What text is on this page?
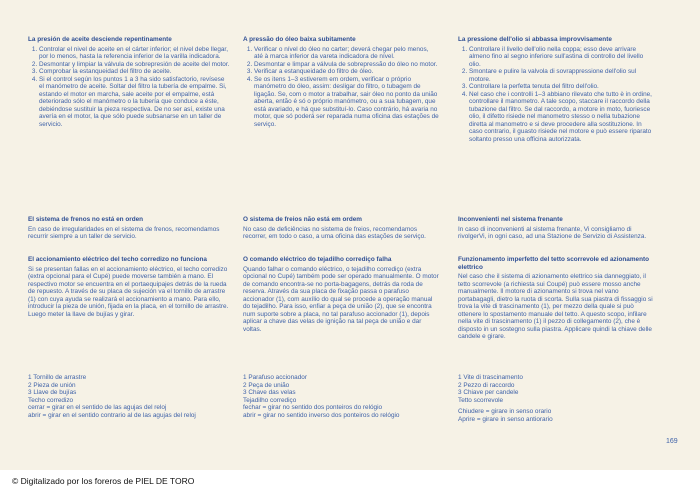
La presión de aceite desciende repentinamente
1. Controlar el nivel de aceite en el cárter inferior; el nivel debe llegar, por lo menos, hasta la referencia inferior de la varilla indicadora.
2. Desmontar y limpiar la válvula de sobrepresión de aceite del motor.
3. Comprobar la estanqueidad del filtro de aceite.
4. Si el control según los puntos 1 a 3 ha sido satisfactorio, revísese el manómetro de aceite. Soltar del filtro la tubería de empalme. Si, estando el motor en marcha, sale aceite por el empalme, está deteriorado sólo el manómetro o la tubería que conduce a éste, debiéndose sustituir la pieza respectiva. De no ser así, existe una avería en el motor, la que sólo puede subsanarse en un taller de servicio.
El sistema de frenos no está en orden

En caso de irregularidades en el sistema de frenos, recomendamos recurrir siempre a un taller de servicio.

El accionamiento eléctrico del techo corredizo no funciona

Si se presentan fallas en el accionamiento eléctrico, el techo corredizo (extra opcional para el Cupé) puede moverse también a mano. El respectivo motor se encuentra en el portaequipajes detrás de la rueda de repuesto. A través de su placa de sujeción va el tornillo de arrastre (1) con cuya ayuda se realizará el accionamiento a mano. Para ello, introducir la pieza de unión, fijada en la placa, en el tornillo de arrastre. Luego meter la llave de bujías y girar.

1 Tornillo de arrastre
2 Pieza de unión
3 Llave de bujías
Techo corredizo
cerrar = girar en el sentido de las agujas del reloj
abrir = girar en el sentido contrario al de las agujas del reloj
A pressão do óleo baixa subitamente
1. Verificar o nível do óleo no carter; deverá chegar pelo menos, até à marca inferior da vareta indicadora de nível.
2. Desmontar e limpar a válvula de sobrepressão do óleo no motor.
3. Verificar a estanqueidade do filtro de óleo.
4. Se os itens 1–3 estiverem em ordem, verificar o próprio manómetro do óleo, assim: desligar do filtro, o tubagem de ligação. Se, com o motor a trabalhar, sair óleo no ponto da união aberta, então é só o próprio manómetro, ou a sua tubagem, que está avariado, e há que substituí-lo. Caso contrário, há avaria no motor, que só poderá ser reparada numa oficina das estações de serviço.
O sistema de freios não está em ordem

No caso de deficiências no sistema de freios, recomendamos recorrer, em todo o caso, a uma oficina das estações de serviço.

O comando eléctrico do tejadilho corrediço falha

Quando falhar o comando eléctrico, o tejadilho corrediço (extra opcional no Cupé) também pode ser operado manualmente. O motor de comando encontra-se no porta-bagagens, detrás da roda de reserva. Através da sua placa de fixação passa o parafuso accionador (1), com auxílio do qual se procede a operação manual do tejadilho. Para isso, enfiar a peça de união (2), que se encontra num suporte sobre a placa, no tal parafuso accionador (1), depois aplicar a chave das velas de ignição na tal peça de união e dar voltas.

1 Parafuso accionador
2 Peça de união
3 Chave das velas
Tejadilho corrediço
fechar = girar no sentido dos ponteiros do relógio
abrir = girar no sentido inverso dos ponteiros do relógio
La pressione dell'olio si abbassa improvvisamente
1. Controllare il livello dell'olio nella coppa; esso deve arrivare almeno fino al segno inferiore sull'astina di controllo del livello olio.
2. Smontare e pulire la valvola di sovrappressione dell'olio sul motore.
3. Controllare la perfetta tenuta del filtro dell'olio.
4. Nel caso che i controlli 1–3 abbiano rilevato che tutto è in ordine, controllare il manometro. A tale scopo, staccare il raccordo della tubazione dal filtro. Se dal raccordo, a motore in moto, fuoriesce olio, il difetto risiede nel manometro stesso o nella tubazione diretta al manometro e si deve procedere alla sostituzione. In caso contrario, il guasto risiede nel motore e può essere riparato soltanto presso una officina autorizzata.
Inconvenienti nel sistema frenante

In caso di inconvenienti al sistema frenante, Vi consigliamo di rivolgerVi, in ogni caso, ad una Stazione de Servizio di Assistenza.

Funzionamento imperfetto del tetto scorrevole ed azionamento elettrico

Nel caso che il sistema di azionamento elettrico sia danneggiato, il tetto scorrevole (a richiesta sui Coupé) può essere mosso anche manualmente. Il motore di azionamento si trova nel vano portabagagli, dietro la ruota di scorta. Sulla sua piastra di fissaggio si trova la vite di trascinamento (1), per mezzo della quale si può ottenere lo spostamento manuale del tetto. A questo scopo, infilare nella vite di trascinamento (1) il pezzo di collegamento (2), che è disposto in un sostegno sulla piastra. Applicare quindi la chiave delle candele e girare.

1 Vite di trascinamento
2 Pezzo di raccordo
3 Chiave per candele
Tetto scorrevole
Chiudere = girare in senso orario
Aprire = girare in senso antiorario
169
© Digitalizado por los foreros de PIEL DE TORO
